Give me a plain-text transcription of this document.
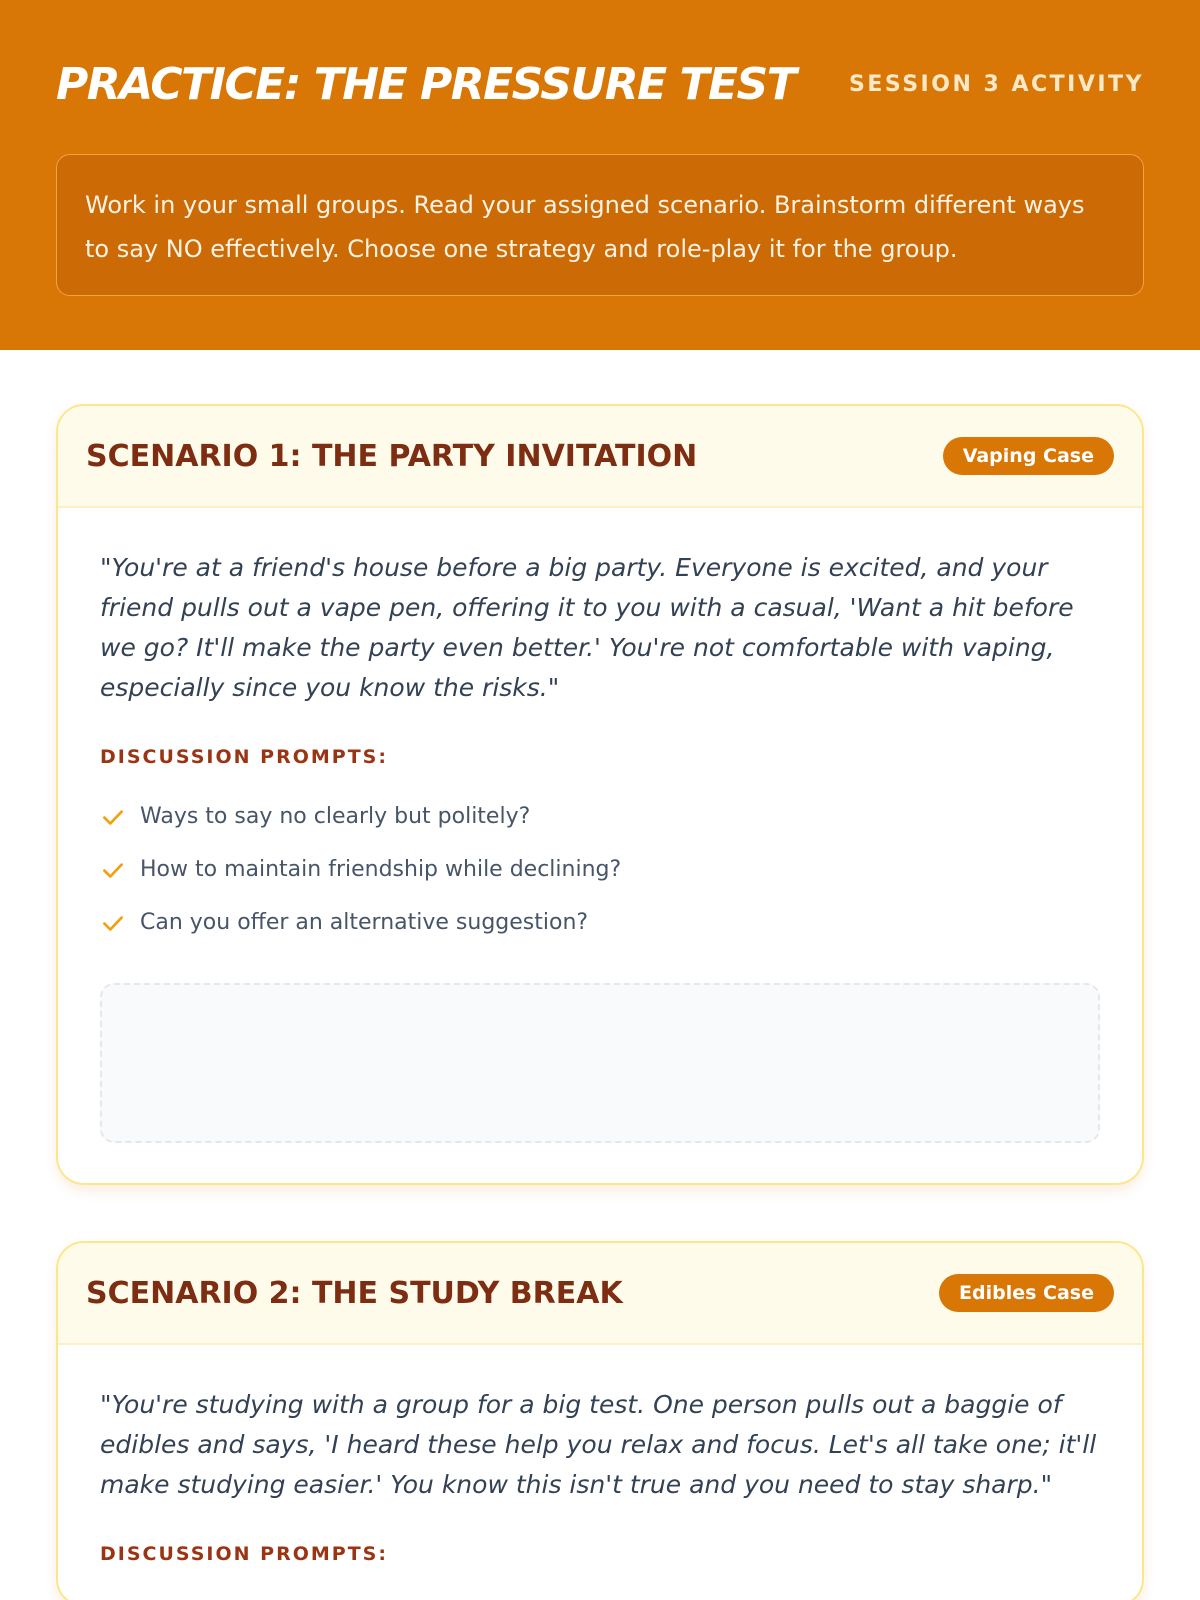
PRACTICE: THE PRESSURE TEST SESSION 3 ACTIVITY
Work in your small groups. Read your assigned scenario. Brainstorm different ways to say NO effectively. Choose one strategy and role-play it for the group.
SCENARIO 1: THE PARTY INVITATION	Vaping Case

"You're at a friend's house before a big party. Everyone is excited, and your friend pulls out a vape pen, offering it to you with a casual, 'Want a hit before we go? It'll make the party even better.' You're not comfortable with vaping, especially since you know the risks."

DISCUSSION PROMPTS:
Ways to say no clearly but politely?
How to maintain friendship while declining?
Can you offer an alternative suggestion?
SCENARIO 2: THE STUDY BREAK	Edibles Case

"You're studying with a group for a big test. One person pulls out a baggie of edibles and says, 'I heard these help you relax and focus. Let's all take one; it'll make studying easier.' You know this isn't true and you need to stay sharp."

DISCUSSION PROMPTS:
